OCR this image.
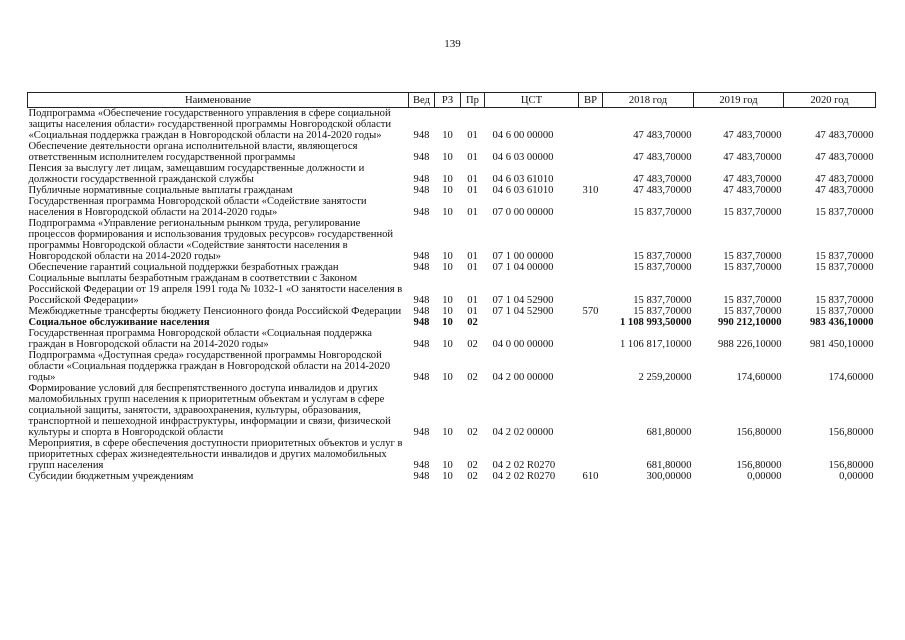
139
Наименование	Вед	РЗ	Пр	ЦСТ	ВР	2018 год	2019 год	2020 год
Подпрограмма «Обеспечение государственного управления в сфере социальной защиты населения области» государственной программы Новгородской области «Социальная поддержка граждан в Новгородской области на 2014-2020 годы»	948	10	01	04 6 00 00000		47 483,70000	47 483,70000	47 483,70000
Обеспечение деятельности органа исполнительной власти, являющегося ответственным исполнителем государственной программы	948	10	01	04 6 03 00000		47 483,70000	47 483,70000	47 483,70000
Пенсия за выслугу лет лицам, замещавшим государственные должности и должности государственной гражданской службы	948	10	01	04 6 03 61010		47 483,70000	47 483,70000	47 483,70000
Публичные нормативные социальные выплаты гражданам	948	10	01	04 6 03 61010	310	47 483,70000	47 483,70000	47 483,70000
Государственная программа Новгородской области «Содействие занятости населения в Новгородской области на 2014-2020 годы»	948	10	01	07 0 00 00000		15 837,70000	15 837,70000	15 837,70000
Подпрограмма «Управление региональным рынком труда, регулирование процессов формирования и использования трудовых ресурсов» государственной программы Новгородской области «Содействие занятости населения в Новгородской области на 2014-2020 годы»	948	10	01	07 1 00 00000		15 837,70000	15 837,70000	15 837,70000
Обеспечение гарантий социальной поддержки безработных граждан	948	10	01	07 1 04 00000		15 837,70000	15 837,70000	15 837,70000
Социальные выплаты безработным гражданам в соответствии с Законом Российской Федерации от 19 апреля 1991 года № 1032-1 «О занятости населения в Российской Федерации»	948	10	01	07 1 04 52900		15 837,70000	15 837,70000	15 837,70000
Межбюджетные трансферты бюджету Пенсионного фонда Российской Федерации	948	10	01	07 1 04 52900	570	15 837,70000	15 837,70000	15 837,70000
Социальное обслуживание населения	948	10	02			1 108 993,50000	990 212,10000	983 436,10000
Государственная программа Новгородской области «Социальная поддержка граждан в Новгородской области на 2014-2020 годы»	948	10	02	04 0 00 00000		1 106 817,10000	988 226,10000	981 450,10000
Подпрограмма «Доступная среда» государственной программы Новгородской области «Социальная поддержка граждан в Новгородской области на 2014-2020 годы»	948	10	02	04 2 00 00000		2 259,20000	174,60000	174,60000
Формирование условий для беспрепятственного доступа инвалидов и других маломобильных групп населения к приоритетным объектам и услугам в сфере социальной защиты, занятости, здравоохранения, культуры, образования, транспортной и пешеходной инфраструктуры, информации и связи, физической культуры и спорта в Новгородской области	948	10	02	04 2 02 00000		681,80000	156,80000	156,80000
Мероприятия, в сфере обеспечения доступности приоритетных объектов и услуг в приоритетных сферах жизнедеятельности инвалидов и других маломобильных групп населения	948	10	02	04 2 02 R0270		681,80000	156,80000	156,80000
Субсидии бюджетным учреждениям	948	10	02	04 2 02 R0270	610	300,00000	0,00000	0,00000
